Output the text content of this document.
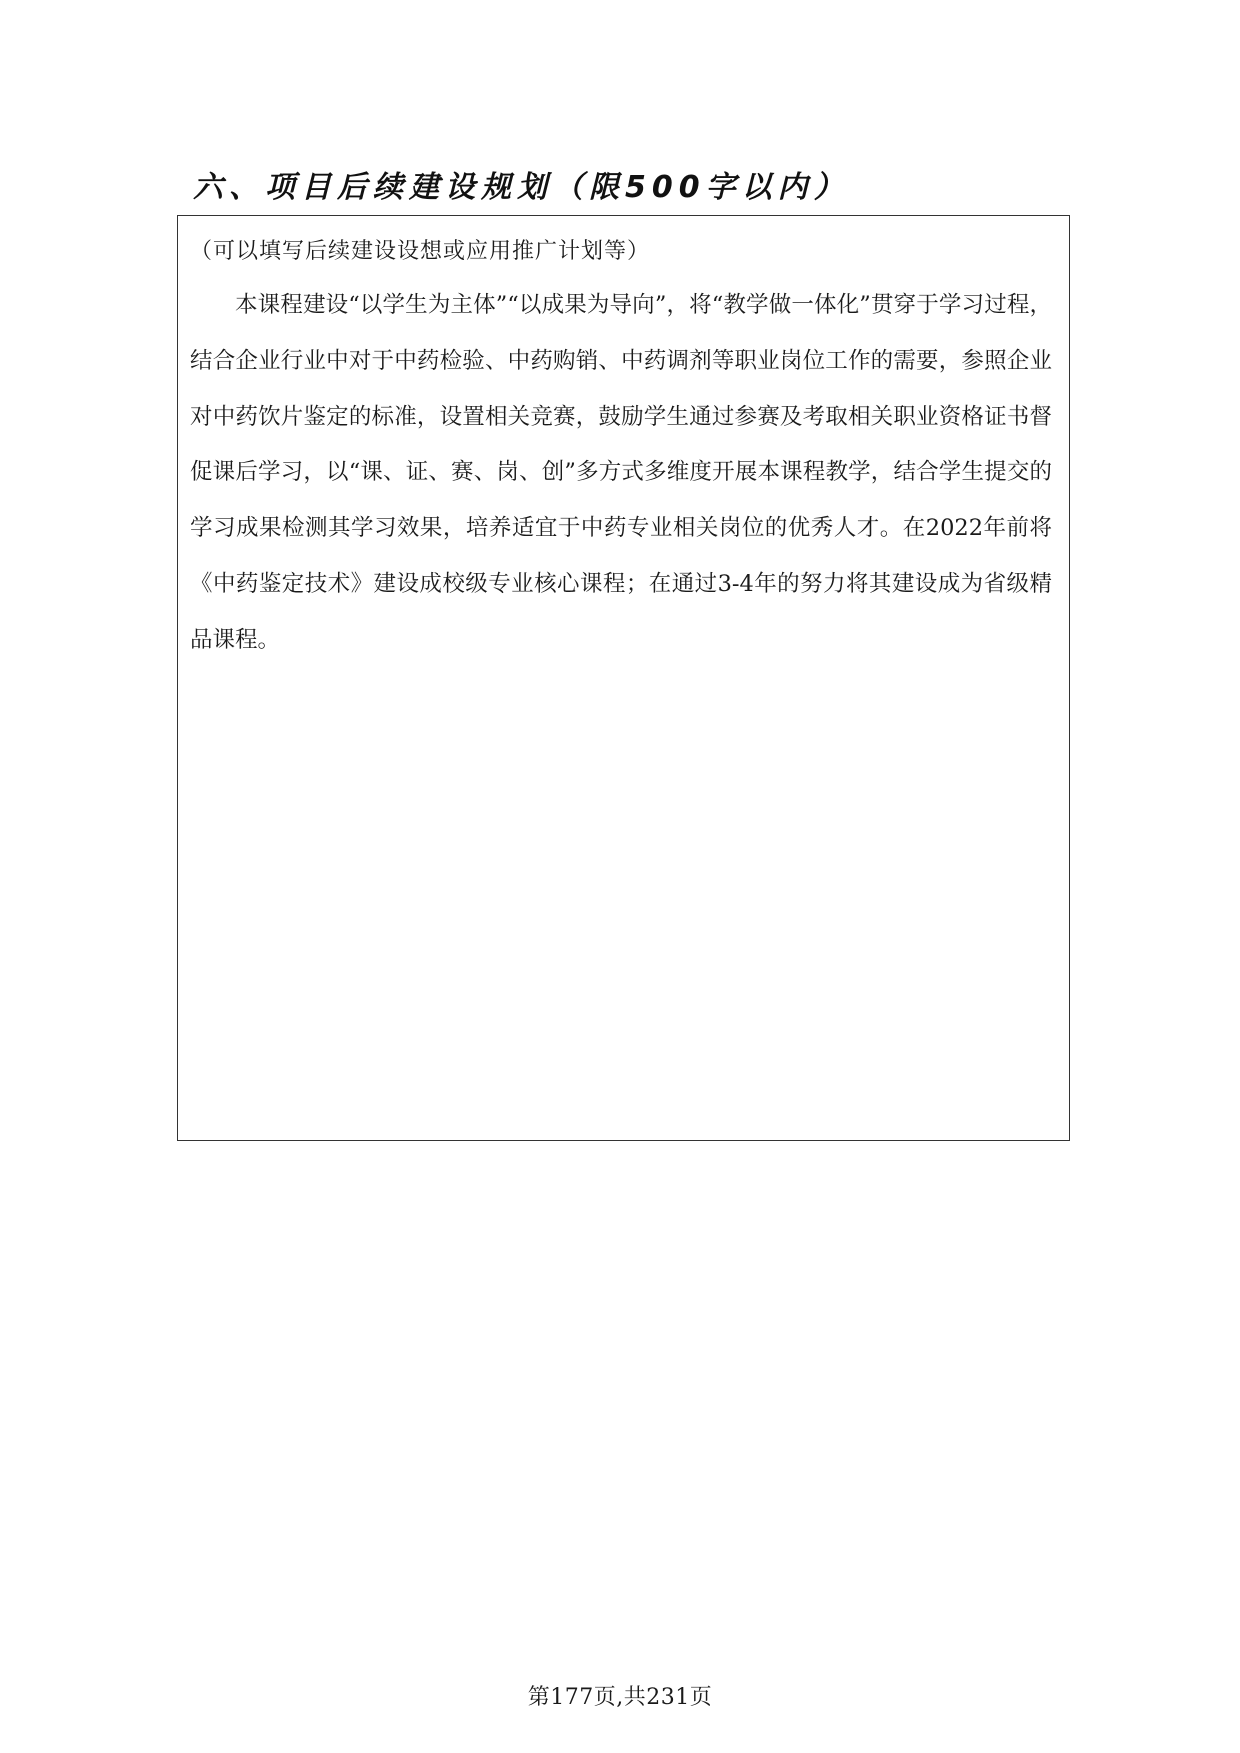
六、项目后续建设规划（限500字以内）
（可以填写后续建设设想或应用推广计划等）

本课程建设“以学生为主体”“以成果为导向”，将“教学做一体化”贯穿于学习过程，结合企业行业中对于中药检验、中药购销、中药调剂等职业岗位工作的需要，参照企业对中药饮片鉴定的标准，设置相关竞赛，鼓励学生通过参赛及考取相关职业资格证书督促课后学习，以“课、证、赛、岗、创”多方式多维度开展本课程教学，结合学生提交的学习成果检测其学习效果，培养适宜于中药专业相关岗位的优秀人才。在2022年前将《中药鉴定技术》建设成校级专业核心课程；在通过3-4年的努力将其建设成为省级精品课程。

第177页,共231页
